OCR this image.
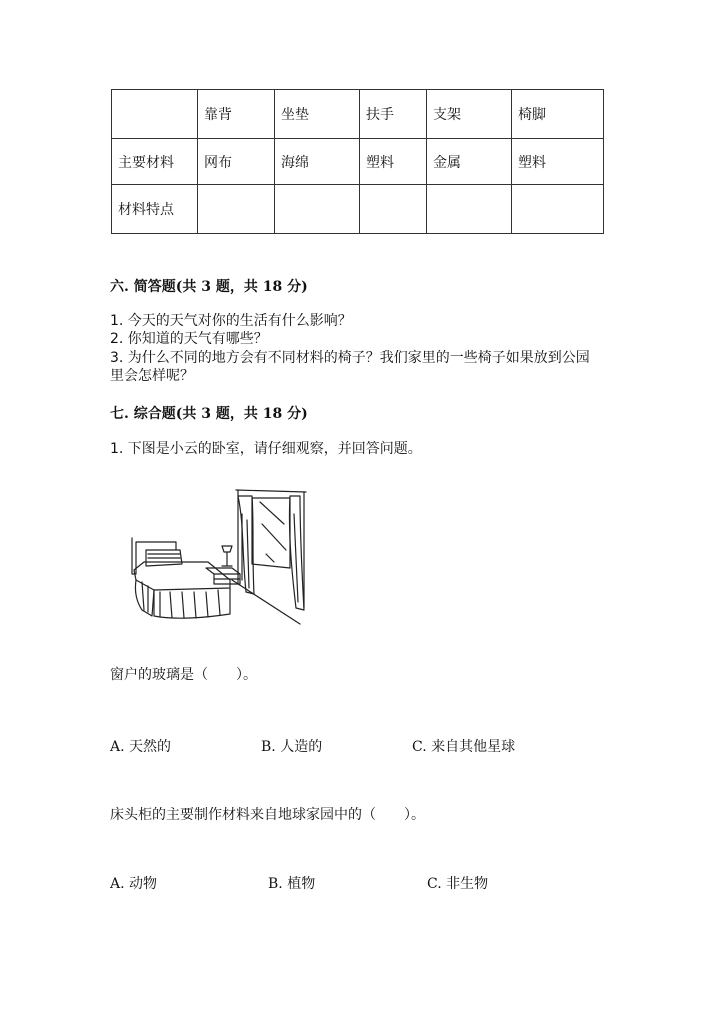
	靠背	坐垫	扶手	支架	椅脚
主要材料	网布	海绵	塑料	金属	塑料
材料特点					
六. 简答题(共 3 题，共 18 分)
1. 今天的天气对你的生活有什么影响？
2. 你知道的天气有哪些？
3. 为什么不同的地方会有不同材料的椅子？我们家里的一些椅子如果放到公园
里会怎样呢？
七. 综合题(共 3 题，共 18 分)
1. 下图是小云的卧室，请仔细观察，并回答问题。
窗户的玻璃是（　　）。
A. 天然的	B. 人造的	C. 来自其他星球
床头柜的主要制作材料来自地球家园中的（　　）。
A. 动物	B. 植物	C. 非生物
